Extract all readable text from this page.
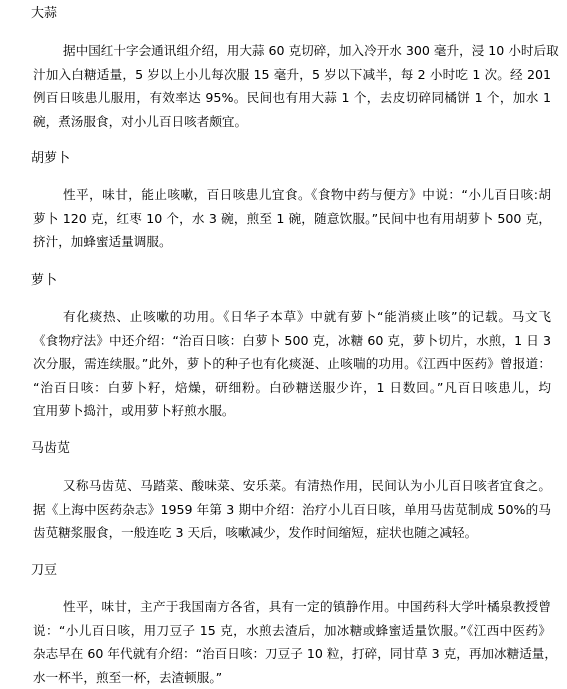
大蒜
据中国红十字会通讯组介绍，用大蒜 60 克切碎，加入冷开水 300 毫升，浸 10 小时后取
汁加入白糖适量，5 岁以上小儿每次服 15 毫升，5 岁以下减半，每 2 小时吃 1 次。经 201
例百日咳患儿服用，有效率达 95%。民间也有用大蒜 1 个，去皮切碎同橘饼 1 个，加水 1
碗，煮汤服食，对小儿百日咳者颇宜。
胡萝卜
性平，味甘，能止咳嗽，百日咳患儿宜食。《食物中药与便方》中说：“小儿百日咳:胡
萝卜 120 克，红枣 10 个，水 3 碗，煎至 1 碗，随意饮服。”民间中也有用胡萝卜 500 克，
挤汁，加蜂蜜适量调服。
萝卜
有化痰热、止咳嗽的功用。《日华子本草》中就有萝卜“能消痰止咳”的记载。马文飞
《食物疗法》中还介绍：“治百日咳：白萝卜 500 克，冰糖 60 克，萝卜切片，水煎，1 日 3
次分服，需连续服。”此外，萝卜的种子也有化痰涎、止咳喘的功用。《江西中医药》曾报道：
“治百日咳：白萝卜籽，焙燥，研细粉。白砂糖送服少许，1 日数回。”凡百日咳患儿，均
宜用萝卜捣汁，或用萝卜籽煎水服。
马齿苋
又称马齿苋、马踏菜、酸味菜、安乐菜。有清热作用，民间认为小儿百日咳者宜食之。
据《上海中医药杂志》1959 年第 3 期中介绍：治疗小儿百日咳，单用马齿苋制成 50%的马
齿苋糖浆服食，一般连吃 3 天后，咳嗽减少，发作时间缩短，症状也随之减轻。
刀豆
性平，味甘，主产于我国南方各省，具有一定的镇静作用。中国药科大学叶橘泉教授曾
说：“小儿百日咳，用刀豆子 15 克，水煎去渣后，加冰糖或蜂蜜适量饮服。”《江西中医药》
杂志早在 60 年代就有介绍：“治百日咳：刀豆子 10 粒，打碎，同甘草 3 克，再加冰糖适量，
水一杯半，煎至一杯，去渣顿服。”
